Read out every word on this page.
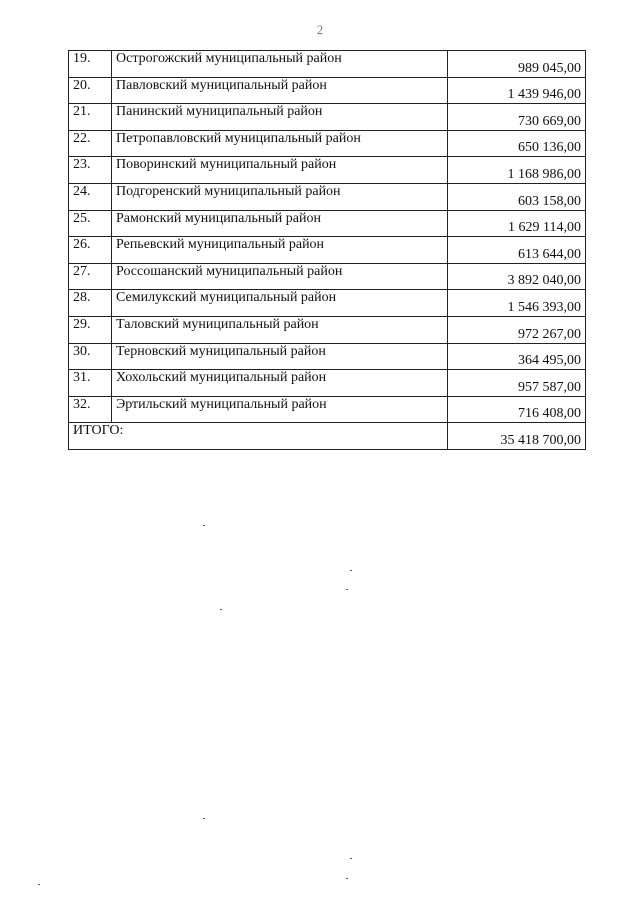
2
19.	Острогожский муниципальный район	989 045,00
20.	Павловский муниципальный район	1 439 946,00
21.	Панинский муниципальный район	730 669,00
22.	Петропавловский муниципальный район	650 136,00
23.	Поворинский муниципальный район	1 168 986,00
24.	Подгоренский муниципальный район	603 158,00
25.	Рамонский муниципальный район	1 629 114,00
26.	Репьевский муниципальный район	613 644,00
27.	Россошанский муниципальный район	3 892 040,00
28.	Семилукский муниципальный район	1 546 393,00
29.	Таловский муниципальный район	972 267,00
30.	Терновский муниципальный район	364 495,00
31.	Хохольский муниципальный район	957 587,00
32.	Эртильский муниципальный район	716 408,00
ИТОГО:		35 418 700,00
